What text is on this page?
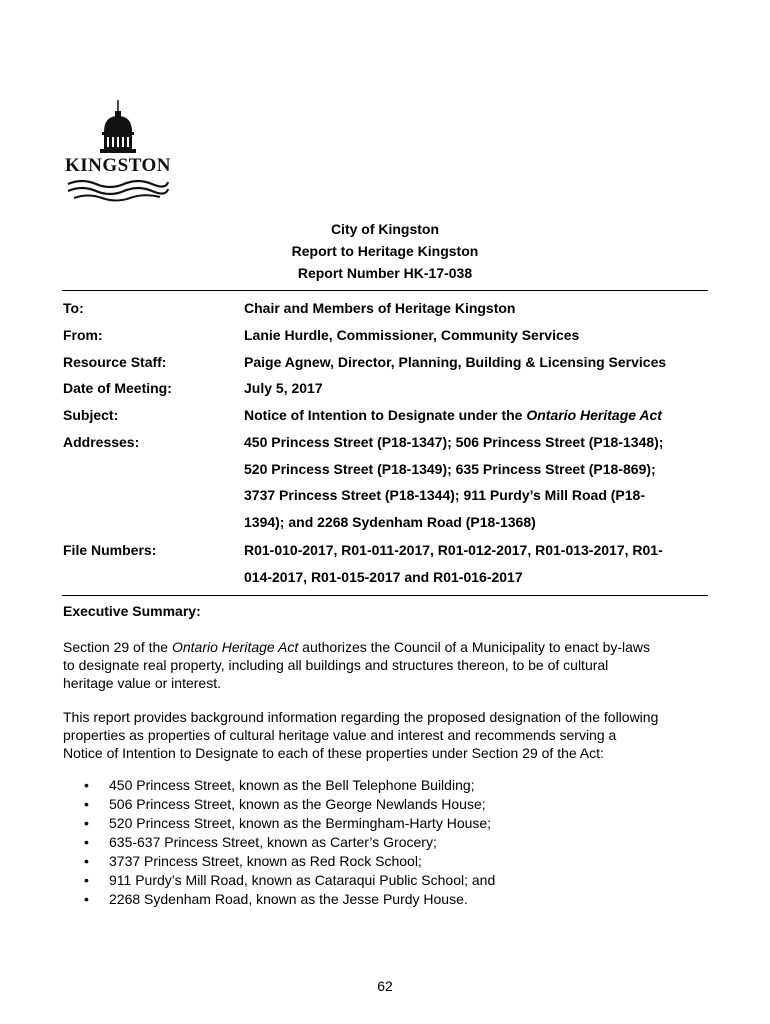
KINGSTON
City of Kingston
Report to Heritage Kingston
Report Number HK-17-038
To:	Chair and Members of Heritage Kingston
From:	Lanie Hurdle, Commissioner, Community Services
Resource Staff:	Paige Agnew, Director, Planning, Building & Licensing Services
Date of Meeting:	July 5, 2017
Subject:	Notice of Intention to Designate under the Ontario Heritage Act
Addresses:	450 Princess Street (P18-1347); 506 Princess Street (P18-1348);
520 Princess Street (P18-1349); 635 Princess Street (P18-869);
3737 Princess Street (P18-1344); 911 Purdy’s Mill Road (P18-
1394); and 2268 Sydenham Road (P18-1368)
File Numbers:	R01-010-2017, R01-011-2017, R01-012-2017, R01-013-2017, R01-
014-2017, R01-015-2017 and R01-016-2017
Executive Summary:
Section 29 of the Ontario Heritage Act authorizes the Council of a Municipality to enact by-laws
to designate real property, including all buildings and structures thereon, to be of cultural
heritage value or interest.
This report provides background information regarding the proposed designation of the following
properties as properties of cultural heritage value and interest and recommends serving a
Notice of Intention to Designate to each of these properties under Section 29 of the Act:
• 450 Princess Street, known as the Bell Telephone Building;
• 506 Princess Street, known as the George Newlands House;
• 520 Princess Street, known as the Bermingham-Harty House;
• 635-637 Princess Street, known as Carter’s Grocery;
• 3737 Princess Street, known as Red Rock School;
• 911 Purdy’s Mill Road, known as Cataraqui Public School; and
• 2268 Sydenham Road, known as the Jesse Purdy House.
62
